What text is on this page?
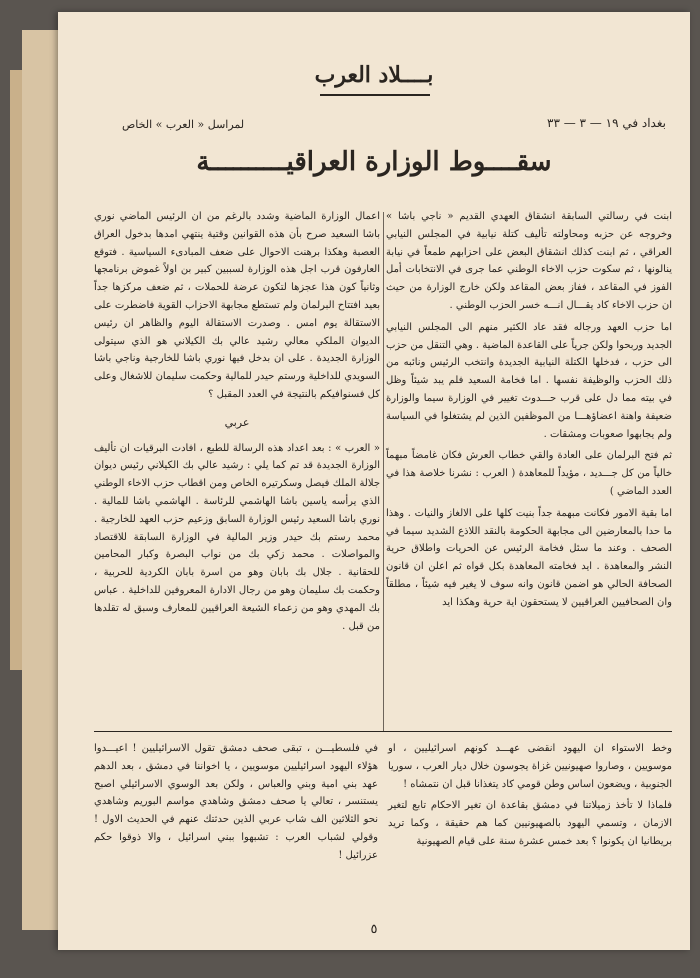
بــــلاد العرب
بغداد في ١٩ — ٣ — ٣٣
لمراسل « العرب » الخاص
سقــــوط الوزارة العراقيــــــــــة

ابنت في رسالتي السابقة انشقاق العهدي القديم « ناجي باشا » وخروجه عن حزبه ومحاولته تأليف كتلة نيابية في المجلس النيابي العراقي ، ثم ابنت كذلك انشقاق البعض على احزابهم طمعاً في نيابة ينالونها ، ثم سكوت حزب الاخاء الوطني عما جرى في الانتخابات أمل الفوز في المقاعد ، ففاز بعض المقاعد ولكن خارج الوزارة من حيث ان حزب الاخاء كاد يقـــال انـــه خسر الحزب الوطني .

اما حزب العهد ورجاله فقد عاد الكثير منهم الى المجلس النيابي الجديد وربحوا ولكن جرياً على القاعدة الماضية . وهي التنقل من حزب الى حزب ، فدخلها الكتلة النيابية الجديدة وانتخب الرئيس ونائبه من ذلك الحزب والوظيفة نفسها . اما فخامة السعيد فلم يبد شيئاً وظل في بيته مما دل على قرب حـــدوث تغيير في الوزارة سيما والوزارة ضعيفة واهنة اعضاؤهـــا من الموظفين الذين لم يشتغلوا في السياسة ولم يجابهوا صعوبات ومشقات .

ثم فتح البرلمان على العادة والقي خطاب العرش فكان غامضاً مبهماً خالياً من كل جـــديد ، مؤيداً للمعاهدة ( العرب : نشرنا خلاصة هذا في العدد الماضي )

اما بقية الامور فكانت مبهمة جداً بنيت كلها على الالغاز والنيات . وهذا ما حدا بالمعارضين الى مجابهة الحكومة بالنقد اللاذع الشديد سيما في الصحف . وعند ما سئل فخامة الرئيس عن الحريات واطلاق حرية النشر والمعاهدة . ايد فخامته المعاهدة بكل قواه ثم اعلن ان قانون الصحافة الحالي هو اضمن قانون وانه سوف لا يغير فيه شيئاً ، مطلقاً وان الصحافيين العراقيين لا يستحقون اية حرية وهكذا ايد

اعمال الوزارة الماضية وشدد بالرغم من ان الرئيس الماضي نوري باشا السعيد صرح بأن هذه القوانين وقتية ينتهي امدها بدخول العراق العصبة وهكذا برهنت الاحوال على ضعف المبادىء السياسية . فتوقع العارفون قرب اجل هذه الوزارة لسببين كبير بن اولاً غموض برنامجها وثانياً كون هذا عجزها لتكون عرضة للحملات ، ثم ضعف مركزها جداً بعيد افتتاح البرلمان ولم تستطع مجابهة الاحزاب القوية فاضطرت على الاستقالة يوم امس . وصدرت الاستقالة اليوم والظاهر ان رئيس الديوان الملكي معالي رشيد عالي بك الكيلاني هو الذي سيتولى الوزارة الجديدة . على ان بدخل فيها نوري باشا للخارجية وناجي باشا السويدي للداخلية ورستم حيدر للمالية وحكمت سليمان للاشغال وعلى كل فسنوافيكم بالنتيجة في العدد المقبل ؟

عربي

« العرب » : بعد اعداد هذه الرسالة للطبع ، افادت البرقيات ان تأليف الوزارة الجديدة قد تم كما يلي : رشيد عالي بك الكيلاني رئيس ديوان جلالة الملك فيصل وسكرتيره الخاص ومن اقطاب حزب الاخاء الوطني الذي يرأسه ياسين باشا الهاشمي للرئاسة . الهاشمي باشا للمالية . نوري باشا السعيد رئيس الوزارة السابق وزعيم حزب العهد للخارجية . محمد رستم بك حيدر وزير المالية في الوزارة السابقة للاقتصاد والمواصلات . محمد زكي بك من نواب البصرة وكبار المحامين للحقانية . جلال بك بابان وهو من اسرة بابان الكردية للحربية ، وحكمت بك سليمان وهو من رجال الادارة المعروفين للداخلية . عباس بك المهدي وهو من زعماء الشيعة العراقيين للمعارف وسبق له تقلدها من قبل .

وخط الاستواء ان اليهود انقضى عهـــد كونهم اسرائيليين ، او موسويين ، وصاروا صهيونيين غزاة يجوسون خلال ديار العرب ، سوريا الجنوبية ، ويضعون اساس وطن قومي كاد يتغذانا قبل ان نتمشاه !

فلماذا لا تأخذ زميلاتنا في دمشق بقاعدة ان تغير الاحكام تابع لتغير الازمان ، وتسمي اليهود بالصهيونيين كما هم حقيقة ، وكما تريد بريطانيا ان يكونوا ؟ بعد خمس عشرة سنة على قيام الصهيونية

في فلسطيـــن ، تبقى صحف دمشق تقول الاسرائيليين ! اعيـــدوا هؤلاء اليهود اسرائيليين موسويين ، يا اخواننا في دمشق ، بعد الدهم عهد بني امية وبني والعباس ، ولكن بعد الوسوي الاسرائيلي اصبح يستنسر ، تعالي يا صحف دمشق وشاهدي مواسم البوريم وشاهدي نحو الثلاثين الف شاب عربي الذين حدثتك عنهم في الحديث الاول ! وقولي لشباب العرب : تشبهوا ببني اسرائيل ، والا ذوقوا حكم عزرائيل !

٥
